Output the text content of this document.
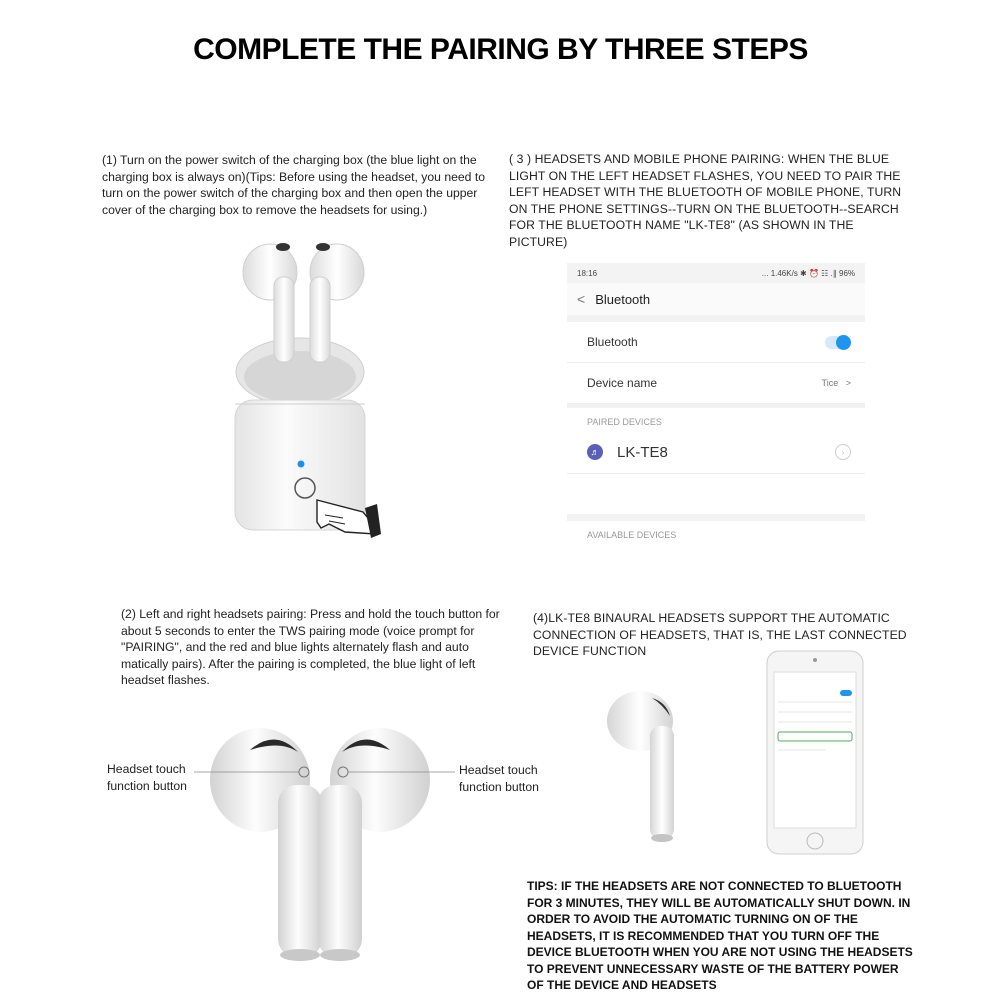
COMPLETE THE PAIRING BY THREE STEPS
(1) Turn on the power switch of the charging box (the blue light on the charging box is always on)(Tips: Before using the headset, you need to turn on the power switch of the charging box and then open the upper cover of the charging box to remove the headsets for using.)
( 3 ) HEADSETS AND MOBILE PHONE PAIRING: WHEN THE BLUE LIGHT ON THE LEFT HEADSET FLASHES, YOU NEED TO PAIR THE LEFT HEADSET WITH THE BLUETOOTH OF MOBILE PHONE, TURN ON THE PHONE SETTINGS--TURN ON THE BLUETOOTH--SEARCH FOR THE BLUETOOTH NAME "LK-TE8" (AS SHOWN IN THE PICTURE)
18:16	... 1.46K/s ✱ ⏰ ☷ .∥ 96%
< Bluetooth
Bluetooth
Device name	Tice >
PAIRED DEVICES
♬ LK-TE8	›
AVAILABLE DEVICES
(2) Left and right headsets pairing: Press and hold the touch button for about 5 seconds to enter the TWS pairing mode (voice prompt for "PAIRING", and the red and blue lights alternately flash and auto matically pairs). After the pairing is completed, the blue light of left headset flashes.
(4)LK-TE8 BINAURAL HEADSETS SUPPORT THE AUTOMATIC CONNECTION OF HEADSETS, THAT IS, THE LAST CONNECTED DEVICE FUNCTION
Headset touch function button
Headset touch function button
TIPS: IF THE HEADSETS ARE NOT CONNECTED TO BLUETOOTH FOR 3 MINUTES, THEY WILL BE AUTOMATICALLY SHUT DOWN. IN ORDER TO AVOID THE AUTOMATIC TURNING ON OF THE HEADSETS, IT IS RECOMMENDED THAT YOU TURN OFF THE DEVICE BLUETOOTH WHEN YOU ARE NOT USING THE HEADSETS TO PREVENT UNNECESSARY WASTE OF THE BATTERY POWER OF THE DEVICE AND HEADSETS
